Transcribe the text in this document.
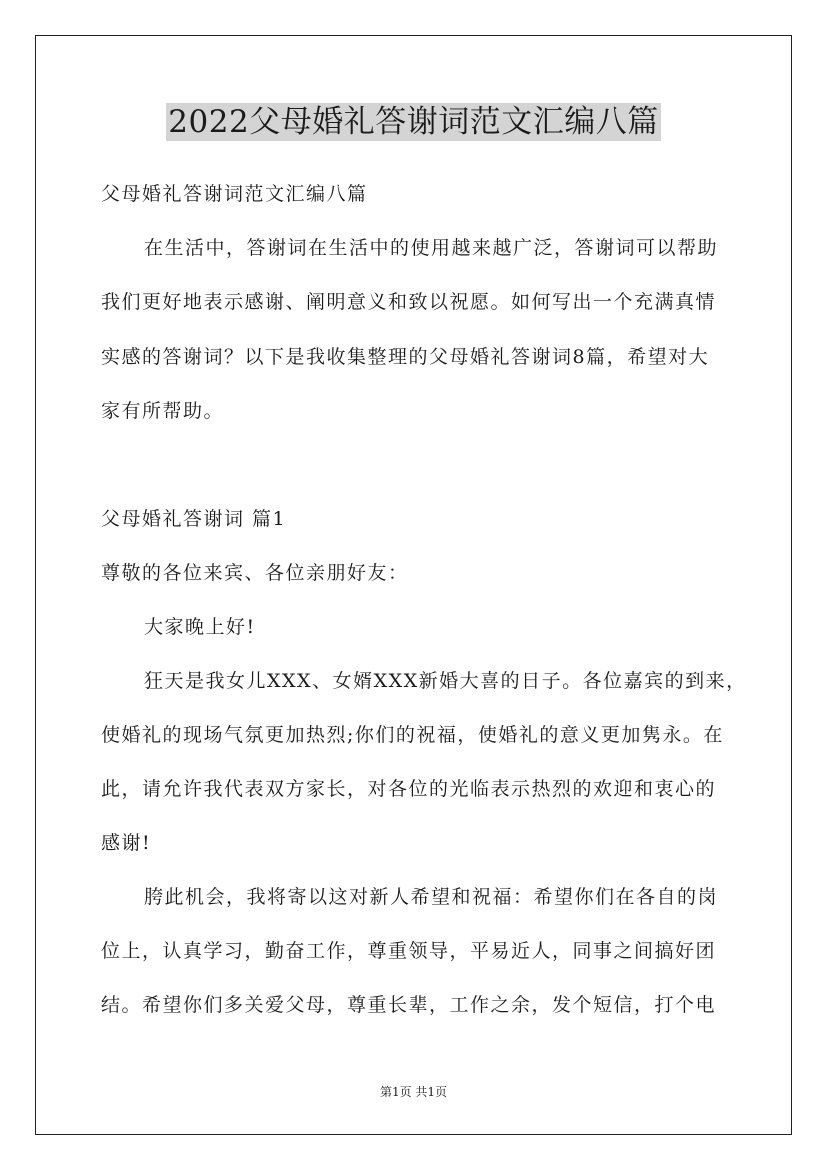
2022父母婚礼答谢词范文汇编八篇
父母婚礼答谢词范文汇编八篇
在生活中，答谢词在生活中的使用越来越广泛，答谢词可以帮助
我们更好地表示感谢、阐明意义和致以祝愿。如何写出一个充满真情
实感的答谢词？以下是我收集整理的父母婚礼答谢词8篇，希望对大
家有所帮助。
父母婚礼答谢词 篇1
尊敬的各位来宾、各位亲朋好友：
大家晚上好!
狂天是我女儿XXX、女婿XXX新婚大喜的日子。各位嘉宾的到来，
使婚礼的现场气氛更加热烈;你们的祝福，使婚礼的意义更加隽永。在
此，请允许我代表双方家长，对各位的光临表示热烈的欢迎和衷心的
感谢!
胯此机会，我将寄以这对新人希望和祝福：希望你们在各自的岗
位上，认真学习，勤奋工作，尊重领导，平易近人，同事之间搞好团
结。希望你们多关爱父母，尊重长辈，工作之余，发个短信，打个电
第1页 共1页
